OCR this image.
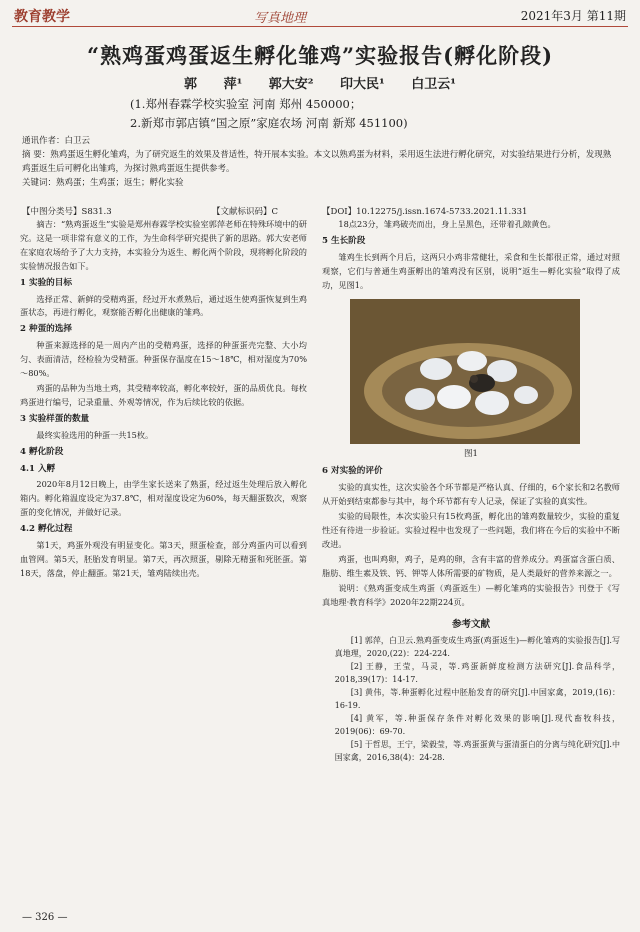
教育教学	写真地理	2021年3月 第11期
“熟鸡蛋鸡蛋返生孵化雏鸡”实验报告(孵化阶段)
郭 萍¹ 郭大安² 印大民¹ 白卫云¹
(1.郑州春霖学校实验室 河南 郑州 450000；
2.新郑市郭店镇“国之原”家庭农场 河南 新郑 451100)

通讯作者：白卫云

摘 要：熟鸡蛋返生孵化雏鸡，为了研究返生的效果及普适性，特开展本实验。本文以熟鸡蛋为材料，采用返生法进行孵化研究，对实验结果进行分析，发现熟鸡蛋返生后可孵化出雏鸡，为探讨熟鸡蛋返生提供参考。

关键词：熟鸡蛋；生鸡蛋；返生；孵化实验

【中图分类号】S831.3	【文献标识码】C	【DOI】10.12275/j.issn.1674-5733.2021.11.331

摘吉：“熟鸡蛋返生”实验是郑州春霖学校实验室郭萍老师在特殊环境中的研究。这是一项非常有意义的工作，为生命科学研究提供了新的思路。郭大安老师在家庭农场给予了大力支持，本实验分为返生、孵化两个阶段，现将孵化阶段的实验情况报告如下。

1 实验的目标

选择正常、新鲜的受精鸡蛋，经过开水煮熟后，通过返生使鸡蛋恢复到生鸡蛋状态，再进行孵化，观察能否孵化出健康的雏鸡。

2 种蛋的选择

种蛋来源选择的是一周内产出的受精鸡蛋，选择的种蛋蛋壳完整、大小均匀、表面清洁，经检验为受精蛋。种蛋保存温度在15～18℃，相对湿度为70%～80%。

鸡蛋的品种为当地土鸡，其受精率较高，孵化率较好，蛋的品质优良。每枚鸡蛋进行编号，记录重量、外观等情况，作为后续比较的依据。

3 实验样蛋的数量

最终实验选用的种蛋一共15枚。

4 孵化阶段
4.1 入孵

2020年8月12日晚上，由学生家长送来了熟蛋，经过返生处理后放入孵化箱内。孵化箱温度设定为37.8℃，相对湿度设定为60%，每天翻蛋数次，观察蛋的变化情况，并做好记录。

4.2 孵化过程

第1天，鸡蛋外观没有明显变化。第3天，照蛋检查，部分鸡蛋内可以看到血管网。第5天，胚胎发育明显。第7天，再次照蛋，剔除无精蛋和死胚蛋。第18天，落盘，停止翻蛋。第21天，雏鸡陆续出壳。

18点23分，雏鸡破壳而出，身上呈黑色，还带着孔隙黄色。

5 生长阶段

雏鸡生长到两个月后，这两只小鸡非常健壮，采食和生长都很正常，通过对照观察，它们与普通生鸡蛋孵出的雏鸡没有区别，说明“返生—孵化实验”取得了成功，见图1。

图1
6 对实验的评价

实验的真实性，这次实验各个环节都是严格认真、仔细的，6个家长和2名教师从开始到结束都参与其中，每个环节都有专人记录，保证了实验的真实性。

实验的局限性，本次实验只有15枚鸡蛋，孵化出的雏鸡数量较少，实验的重复性还有待进一步验证。实验过程中也发现了一些问题，我们将在今后的实验中不断改进。

鸡蛋，也叫鸡卵，鸡子，是鸡的卵，含有丰富的营养成分。鸡蛋富含蛋白质、脂肪、维生素及铁、钙、钾等人体所需要的矿物质，是人类最好的营养来源之一。

说明：《熟鸡蛋变成生鸡蛋（鸡蛋返生）—孵化雏鸡的实验报告》刊登于《写真地理·教育科学》2020年22期224页。

参考文献

[1] 郭萍，白卫云.熟鸡蛋变成生鸡蛋(鸡蛋返生)—孵化雏鸡的实验报告[J].写真地理，2020,(22)：224-224.

[2] 王静，王莹，马灵，等.鸡蛋新鲜度检测方法研究[J].食品科学，2018,39(17)：14-17.

[3] 黄伟，等.种蛋孵化过程中胚胎发育的研究[J].中国家禽，2019,(16)：16-19.

[4] 黄军，等.种蛋保存条件对孵化效果的影响[J].现代畜牧科技，2019(06)：69-70.

[5] 于哲思，王宁，梁毅莹，等.鸡蛋蛋黄与蛋清蛋白的分离与纯化研究[J].中国家禽，2016,38(4)：24-28.

— 326 —
